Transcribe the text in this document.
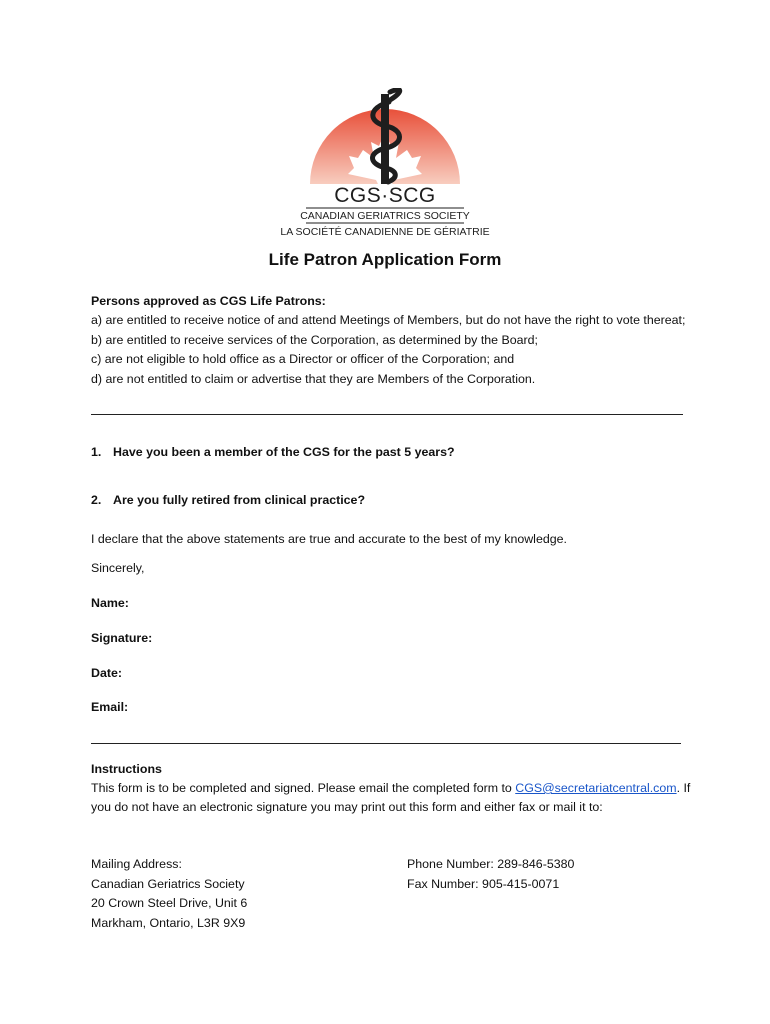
CGS·SCG
CANADIAN GERIATRICS SOCIETY
LA SOCIÉTÉ CANADIENNE DE GÉRIATRIE
Life Patron Application Form
Persons approved as CGS Life Patrons:
a) are entitled to receive notice of and attend Meetings of Members, but do not have the right to vote thereat;
b) are entitled to receive services of the Corporation, as determined by the Board;
c) are not eligible to hold office as a Director or officer of the Corporation; and
d) are not entitled to claim or advertise that they are Members of the Corporation.
1. Have you been a member of the CGS for the past 5 years?
2. Are you fully retired from clinical practice?
I declare that the above statements are true and accurate to the best of my knowledge.
Sincerely,
Name:
Signature:
Date:
Email:
Instructions
This form is to be completed and signed. Please email the completed form to CGS@secretariatcentral.com. If you do not have an electronic signature you may print out this form and either fax or mail it to:
Mailing Address:
Canadian Geriatrics Society
20 Crown Steel Drive, Unit 6
Markham, Ontario, L3R 9X9
Phone Number: 289-846-5380
Fax Number: 905-415-0071
